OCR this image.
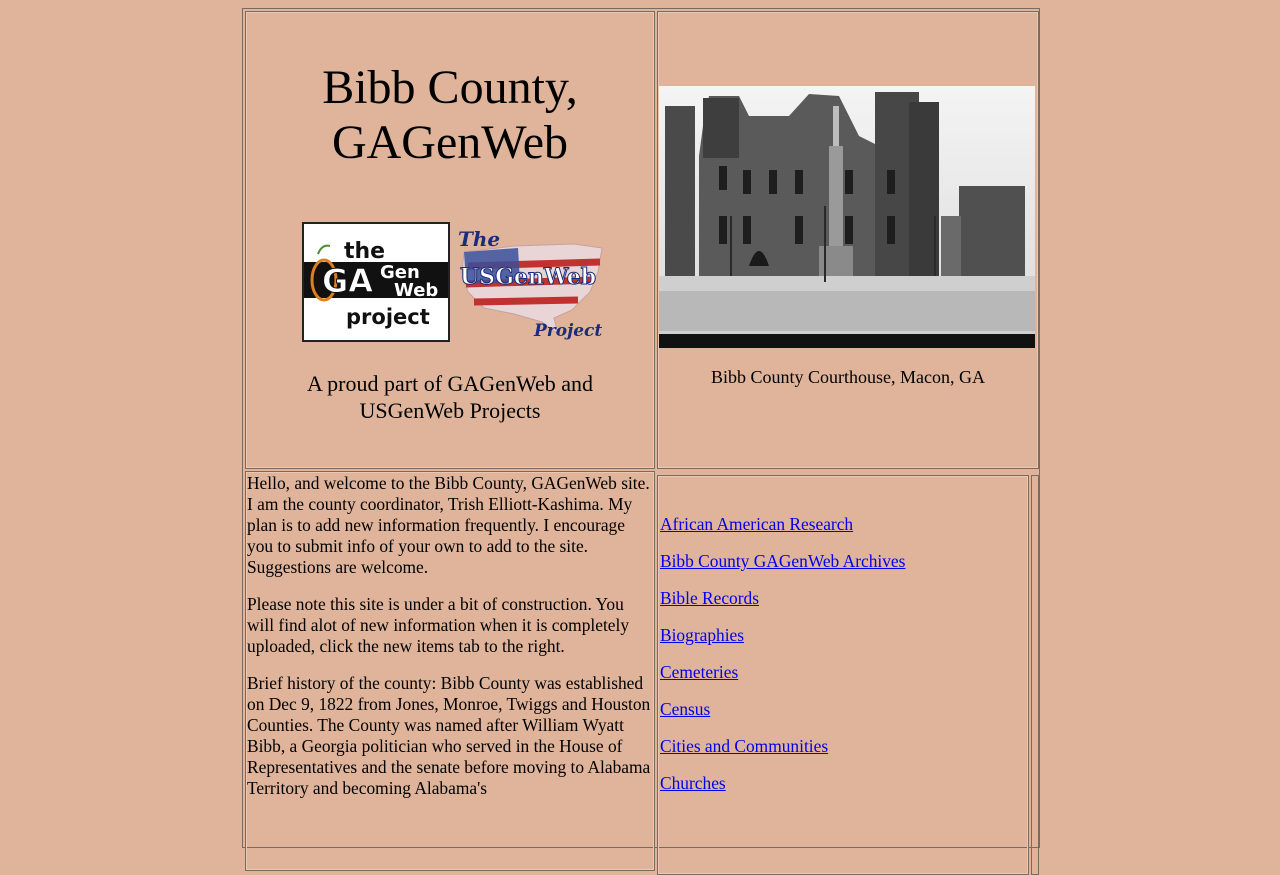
Bibb County,
GAGenWeb
the
GA Gen
Web
project
The
USGenWeb
Project
A proud part of GAGenWeb and
USGenWeb Projects
Bibb County Courthouse, Macon, GA

Hello, and welcome to the Bibb County, GAGenWeb site. I am the county coordinator, Trish Elliott-Kashima. My plan is to add new information frequently. I encourage you to submit info of your own to add to the site. Suggestions are welcome.

Please note this site is under a bit of construction. You will find alot of new information when it is completely uploaded, click the new items tab to the right.

Brief history of the county: Bibb County was established on Dec 9, 1822 from Jones, Monroe, Twiggs and Houston Counties. The County was named after William Wyatt Bibb, a Georgia politician who served in the House of Representatives and the senate before moving to Alabama Territory and becoming Alabama's

African American Research
Bibb County GAGenWeb Archives
Bible Records
Biographies
Cemeteries
Census
Cities and Communities
Churches
